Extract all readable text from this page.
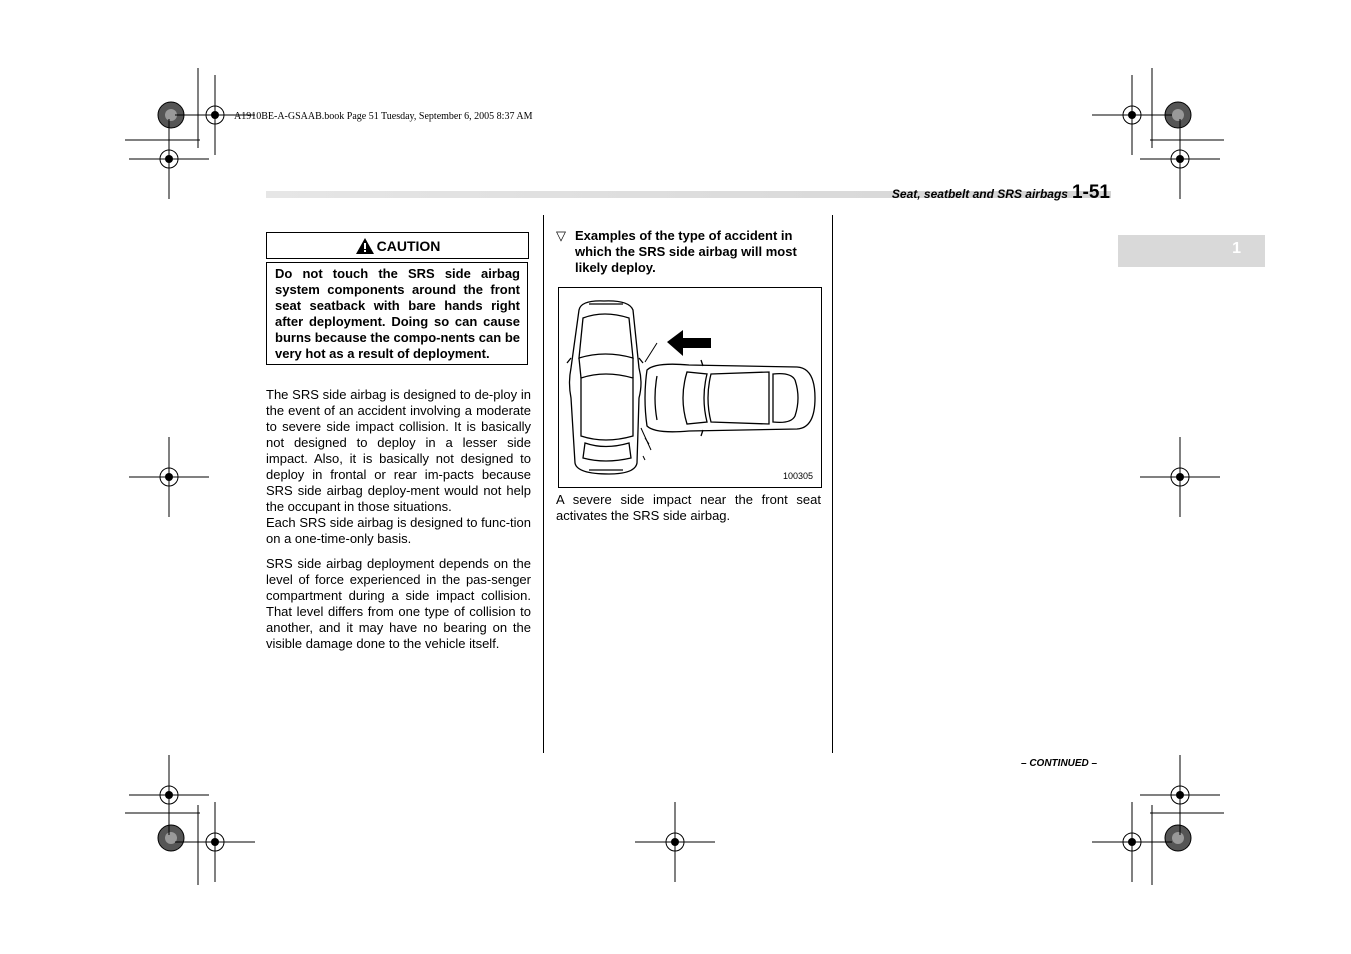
A1910BE-A-GSAAB.book Page 51 Tuesday, September 6, 2005 8:37 AM
Seat, seatbelt and SRS airbags 1-51
1
CAUTION
Do not touch the SRS side airbag system components around the front seat seatback with bare hands right after deployment. Doing so can cause burns because the compo-nents can be very hot as a result of deployment.

The SRS side airbag is designed to de-ploy in the event of an accident involving a moderate to severe side impact collision. It is basically not designed to deploy in a lesser side impact. Also, it is basically not designed to deploy in frontal or rear im-pacts because SRS side airbag deploy-ment would not help the occupant in those situations.

Each SRS side airbag is designed to func-tion on a one-time-only basis.

SRS side airbag deployment depends on the level of force experienced in the pas-senger compartment during a side impact collision. That level differs from one type of collision to another, and it may have no bearing on the visible damage done to the vehicle itself.

▽ Examples of the type of accident in which the SRS side airbag will most likely deploy.
100305
A severe side impact near the front seat activates the SRS side airbag.
– CONTINUED –
